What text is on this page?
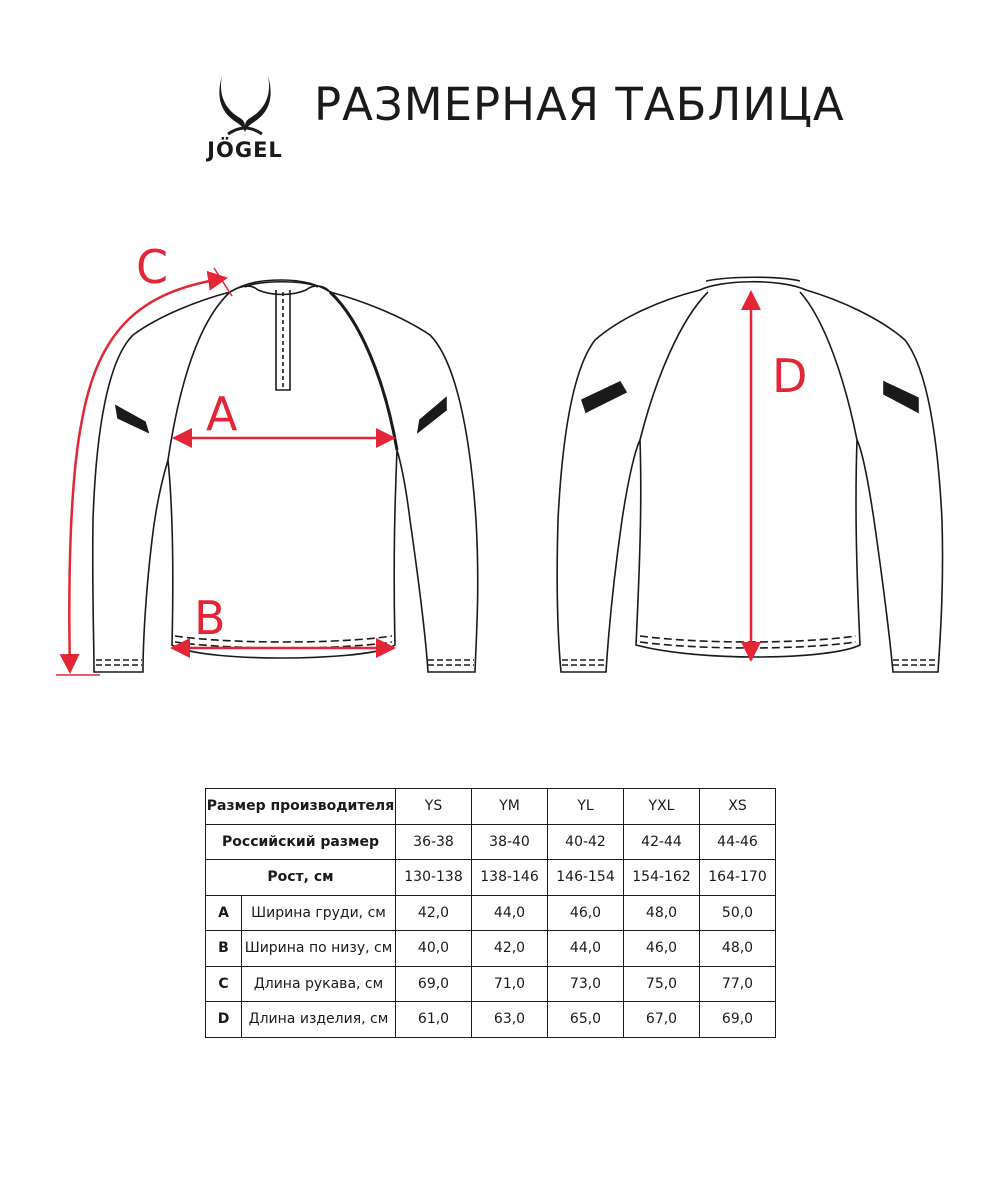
JÖGEL
РАЗМЕРНАЯ ТАБЛИЦА
A
B
C
D
Размер производителя		YS	YM	YL	YXL	XS
Российский размер		36-38	38-40	40-42	42-44	44-46
Рост, см		130-138	138-146	146-154	154-162	164-170
A	Ширина груди, см	42,0	44,0	46,0	48,0	50,0
B	Ширина по низу, см	40,0	42,0	44,0	46,0	48,0
C	Длина рукава, см	69,0	71,0	73,0	75,0	77,0
D	Длина изделия, см	61,0	63,0	65,0	67,0	69,0
